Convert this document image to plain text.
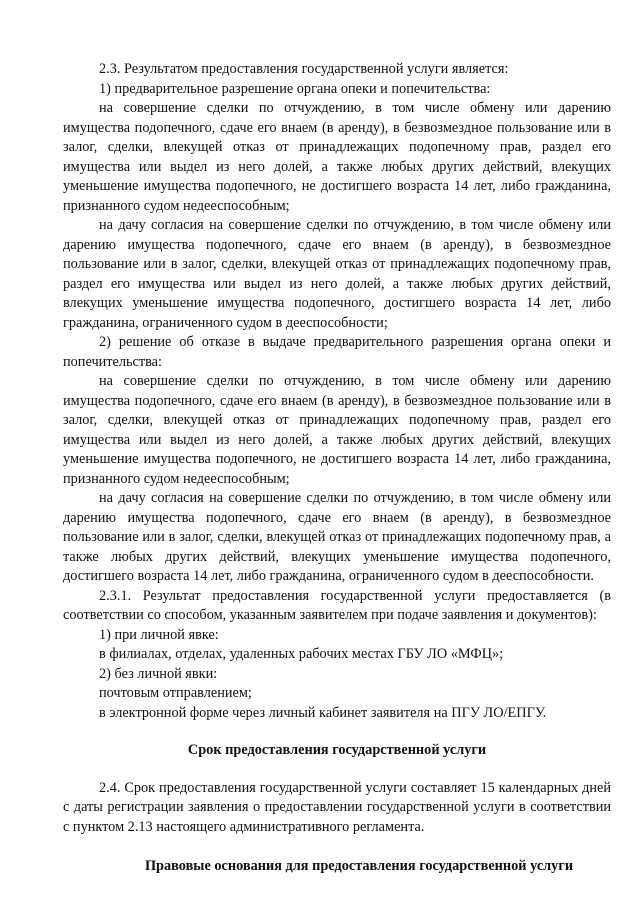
2.3. Результатом предоставления государственной услуги является:

1) предварительное разрешение органа опеки и попечительства:

на совершение сделки по отчуждению, в том числе обмену или дарению имущества подопечного, сдаче его внаем (в аренду), в безвозмездное пользование или в залог, сделки, влекущей отказ от принадлежащих подопечному прав, раздел его имущества или выдел из него долей, а также любых других действий, влекущих уменьшение имущества подопечного, не достигшего возраста 14 лет, либо гражданина, признанного судом недееспособным;

на дачу согласия на совершение сделки по отчуждению, в том числе обмену или дарению имущества подопечного, сдаче его внаем (в аренду), в безвозмездное пользование или в залог, сделки, влекущей отказ от принадлежащих подопечному прав, раздел его имущества или выдел из него долей, а также любых других действий, влекущих уменьшение имущества подопечного, достигшего возраста 14 лет, либо гражданина, ограниченного судом в дееспособности;

2) решение об отказе в выдаче предварительного разрешения органа опеки и попечительства:

на совершение сделки по отчуждению, в том числе обмену или дарению имущества подопечного, сдаче его внаем (в аренду), в безвозмездное пользование или в залог, сделки, влекущей отказ от принадлежащих подопечному прав, раздел его имущества или выдел из него долей, а также любых других действий, влекущих уменьшение имущества подопечного, не достигшего возраста 14 лет, либо гражданина, признанного судом недееспособным;

на дачу согласия на совершение сделки по отчуждению, в том числе обмену или дарению имущества подопечного, сдаче его внаем (в аренду), в безвозмездное пользование или в залог, сделки, влекущей отказ от принадлежащих подопечному прав, а также любых других действий, влекущих уменьшение имущества подопечного, достигшего возраста 14 лет, либо гражданина, ограниченного судом в дееспособности.

2.3.1. Результат предоставления государственной услуги предоставляется (в соответствии со способом, указанным заявителем при подаче заявления и документов):

1) при личной явке:

в филиалах, отделах, удаленных рабочих местах ГБУ ЛО «МФЦ»;

2) без личной явки:

почтовым отправлением;

в электронной форме через личный кабинет заявителя на ПГУ ЛО/ЕПГУ.

Срок предоставления государственной услуги

2.4. Срок предоставления государственной услуги составляет 15 календарных дней с даты регистрации заявления о предоставлении государственной услуги в соответствии с пунктом 2.13 настоящего административного регламента.

Правовые основания для предоставления государственной услуги
